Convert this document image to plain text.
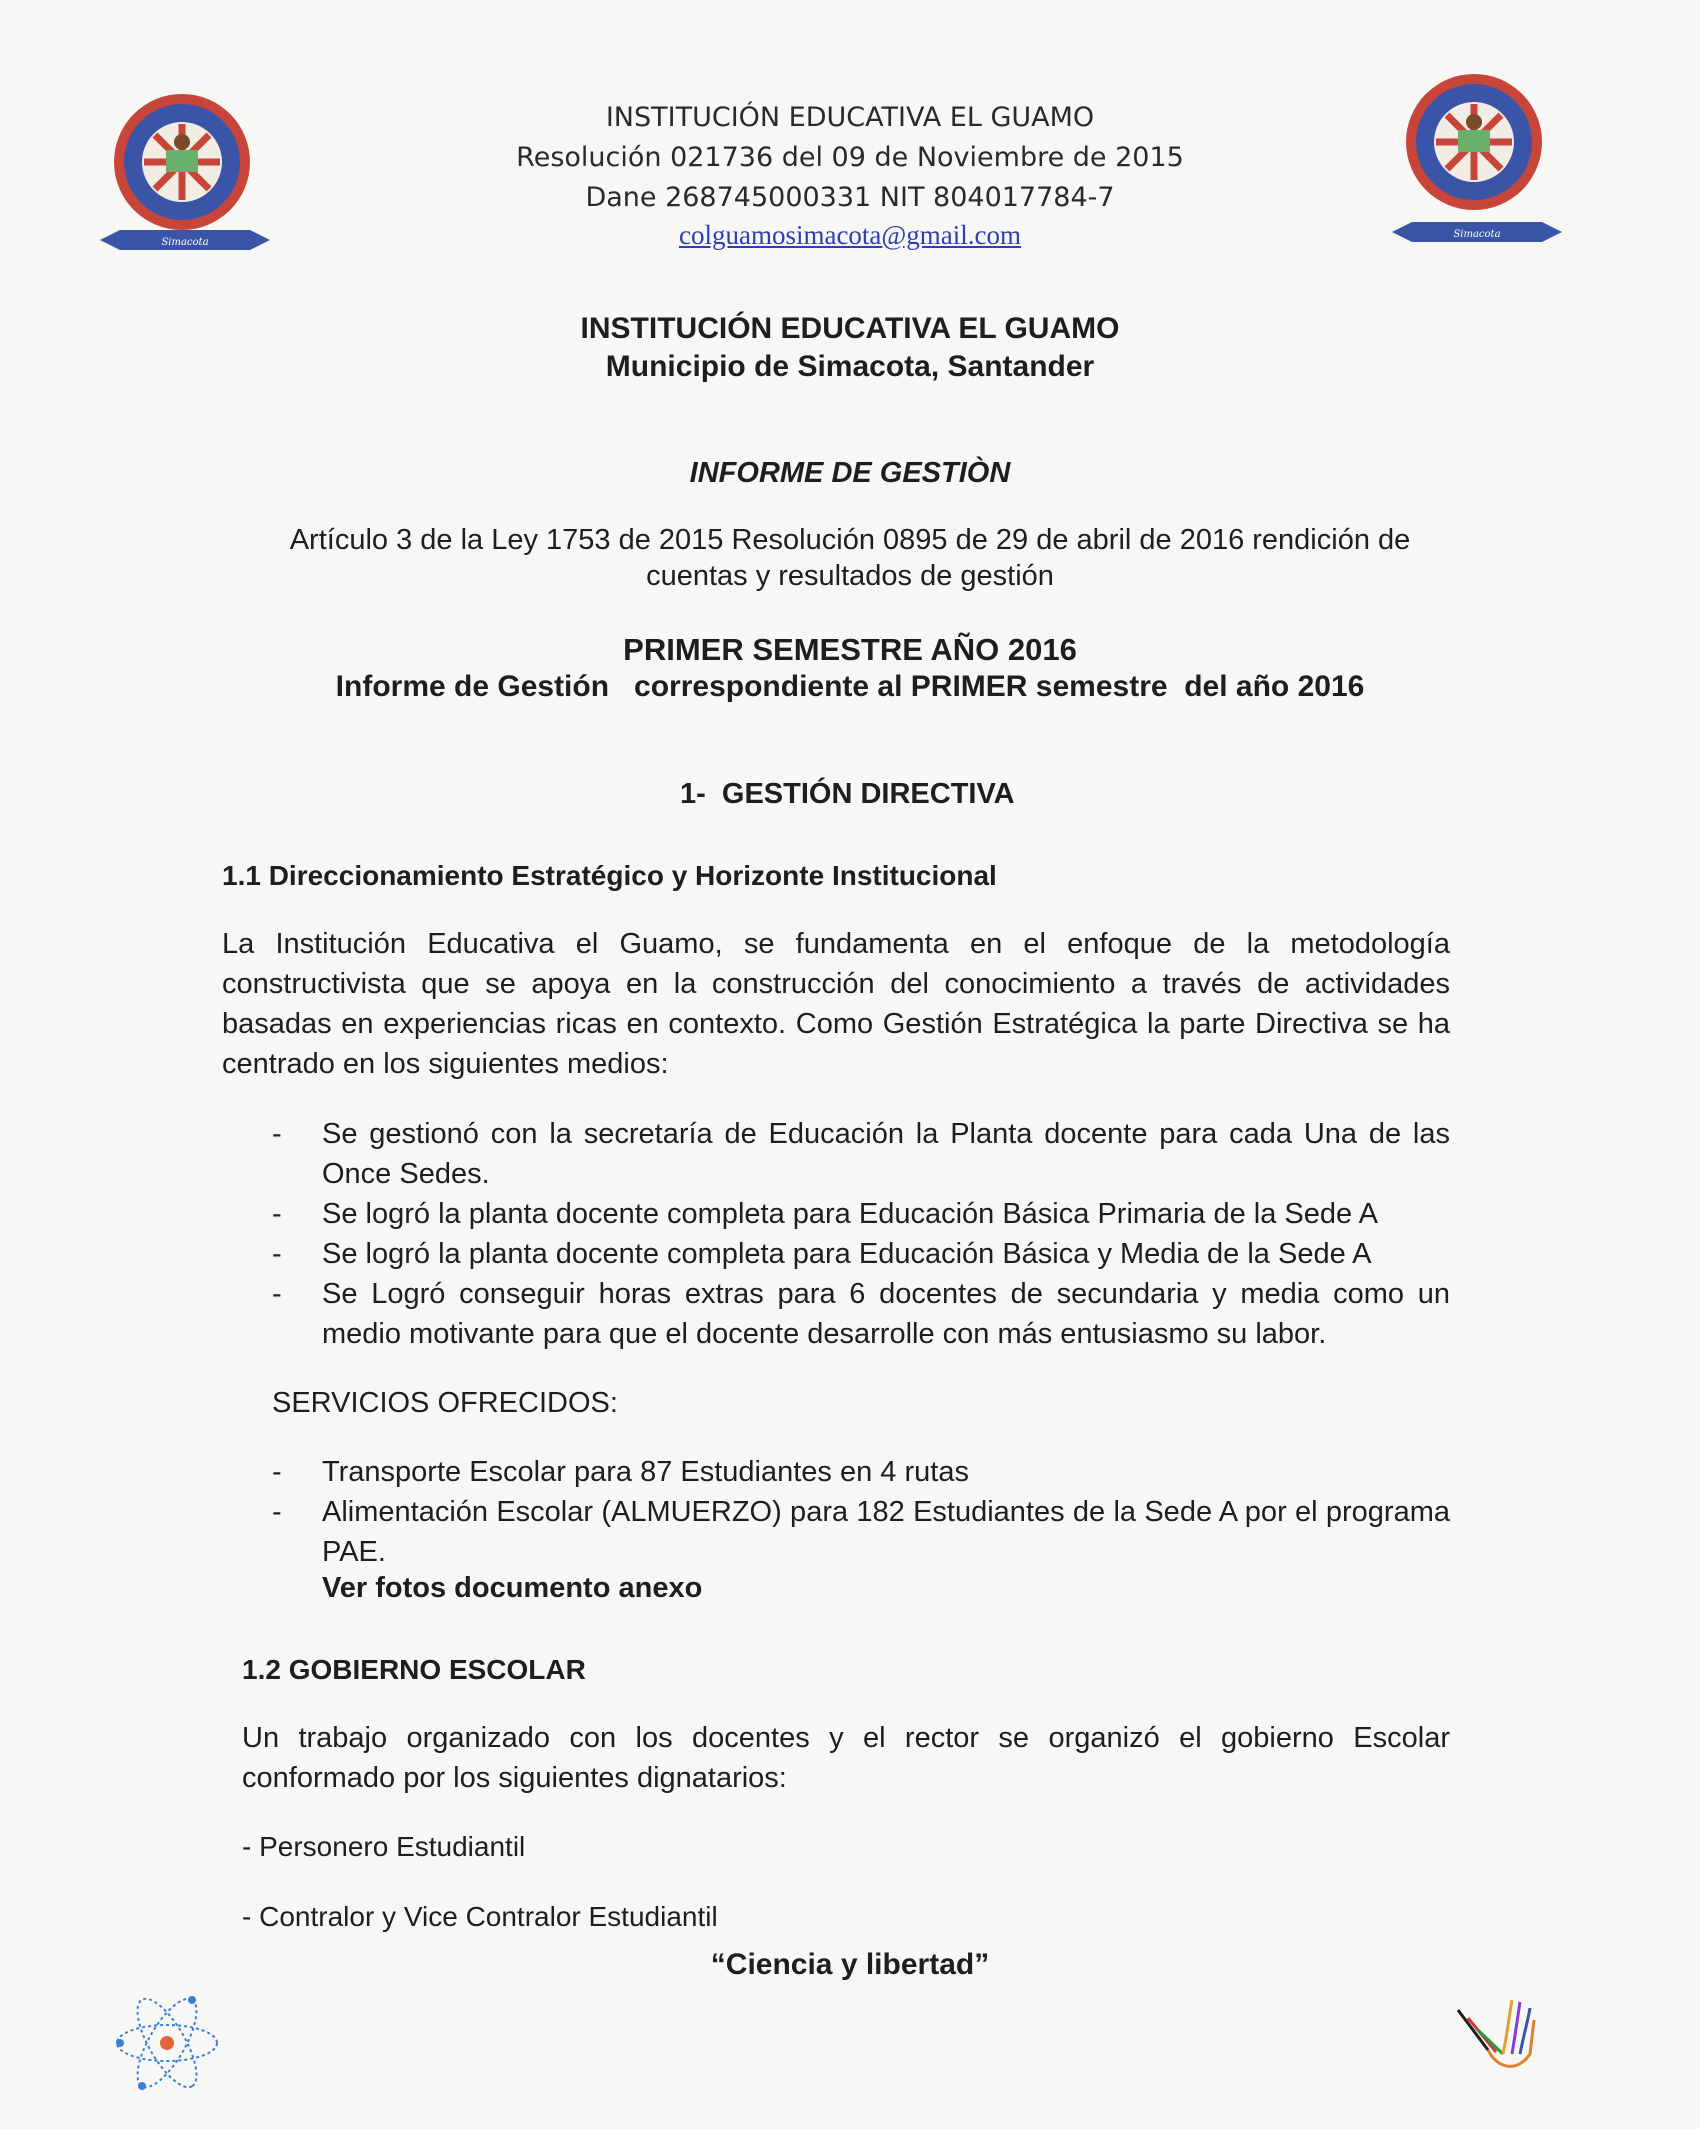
Simacota
Simacota
INSTITUCIÓN EDUCATIVA EL GUAMO
Resolución 021736 del 09 de Noviembre de 2015
Dane 268745000331 NIT 804017784-7
colguamosimacota@gmail.com
INSTITUCIÓN EDUCATIVA EL GUAMO
Municipio de Simacota, Santander
INFORME DE GESTIÒN
Artículo 3 de la Ley 1753 de 2015 Resolución 0895 de 29 de abril de 2016 rendición de
cuentas y resultados de gestión
PRIMER SEMESTRE AÑO 2016
Informe de Gestión   correspondiente al PRIMER semestre  del año 2016
1-  GESTIÓN DIRECTIVA
1.1 Direccionamiento Estratégico y Horizonte Institucional
La Institución Educativa el Guamo, se fundamenta en el enfoque de la metodología constructivista que se apoya en la construcción del conocimiento a través de actividades basadas en experiencias ricas en contexto. Como Gestión Estratégica la parte Directiva se ha centrado en los siguientes medios:
- Se gestionó con la secretaría de Educación la Planta docente para cada Una de las Once Sedes.
- Se logró la planta docente completa para Educación Básica Primaria de la Sede A
- Se logró la planta docente completa para Educación Básica y Media de la Sede A
- Se Logró conseguir horas extras para 6 docentes de secundaria y media como un medio motivante para que el docente desarrolle con más entusiasmo su labor.
SERVICIOS OFRECIDOS:
- Transporte Escolar para 87 Estudiantes en 4 rutas
- Alimentación Escolar (ALMUERZO) para 182 Estudiantes de la Sede A por el programa PAE.
Ver fotos documento anexo
1.2 GOBIERNO ESCOLAR
Un trabajo organizado con los docentes y el rector se organizó el gobierno Escolar conformado por los siguientes dignatarios:
- Personero Estudiantil
- Contralor y Vice Contralor Estudiantil
“Ciencia y libertad”
